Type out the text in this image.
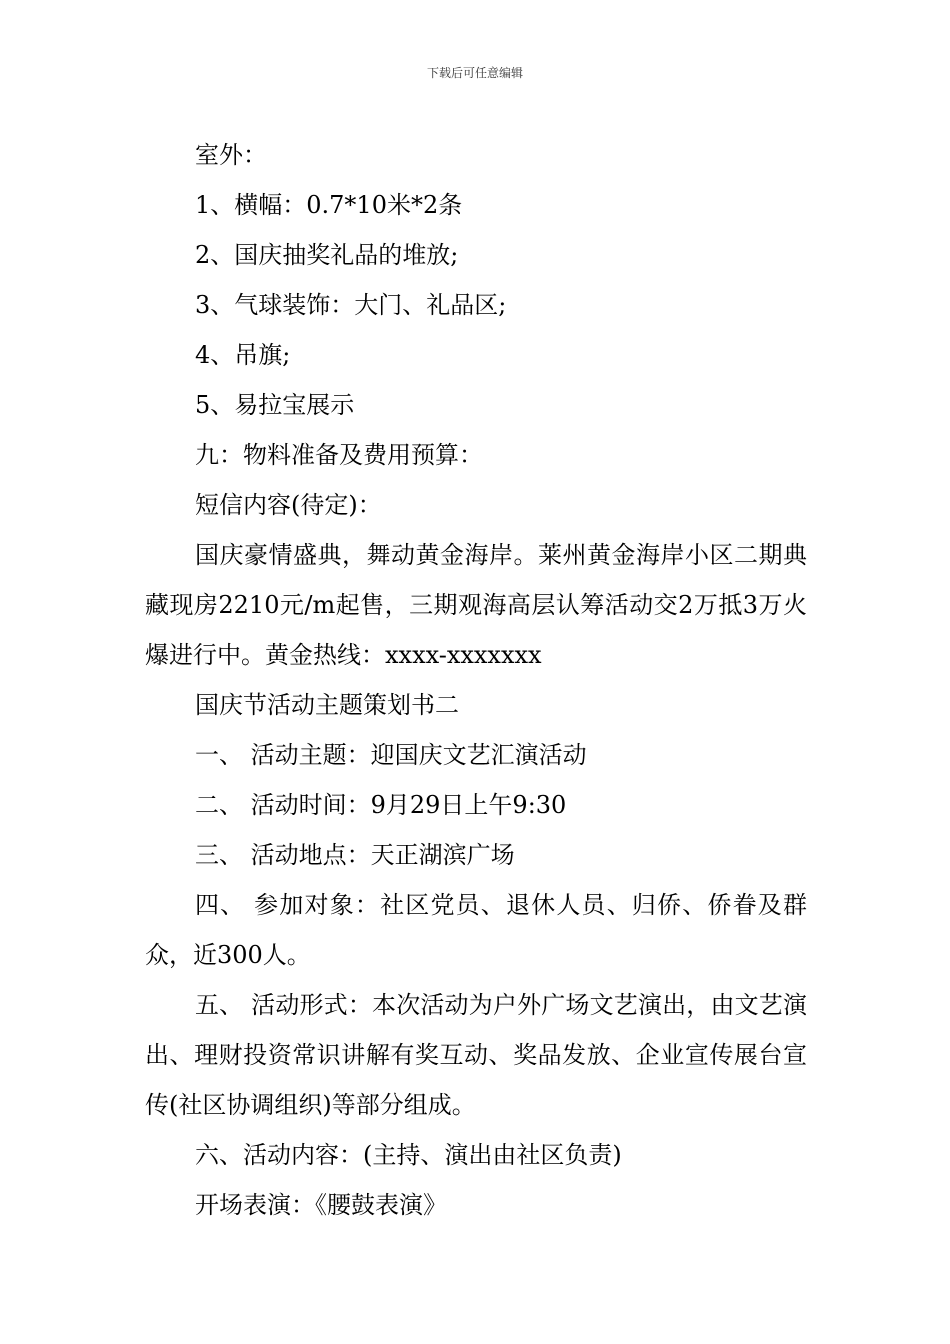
下载后可任意编辑

室外：

1、横幅：0.7*10米*2条

2、国庆抽奖礼品的堆放;

3、气球装饰：大门、礼品区;

4、吊旗;

5、易拉宝展示

九：物料准备及费用预算：

短信内容(待定)：

国庆豪情盛典，舞动黄金海岸。莱州黄金海岸小区二期典藏现房2210元/m起售，三期观海高层认筹活动交2万抵3万火爆进行中。黄金热线：xxxx-xxxxxxx

国庆节活动主题策划书二

一、 活动主题：迎国庆文艺汇演活动

二、 活动时间：9月29日上午9:30

三、 活动地点：天正湖滨广场

四、 参加对象：社区党员、退休人员、归侨、侨眷及群众，近300人。

五、 活动形式：本次活动为户外广场文艺演出，由文艺演出、理财投资常识讲解有奖互动、奖品发放、企业宣传展台宣传(社区协调组织)等部分组成。

六、活动内容：(主持、演出由社区负责)

开场表演：《腰鼓表演》
